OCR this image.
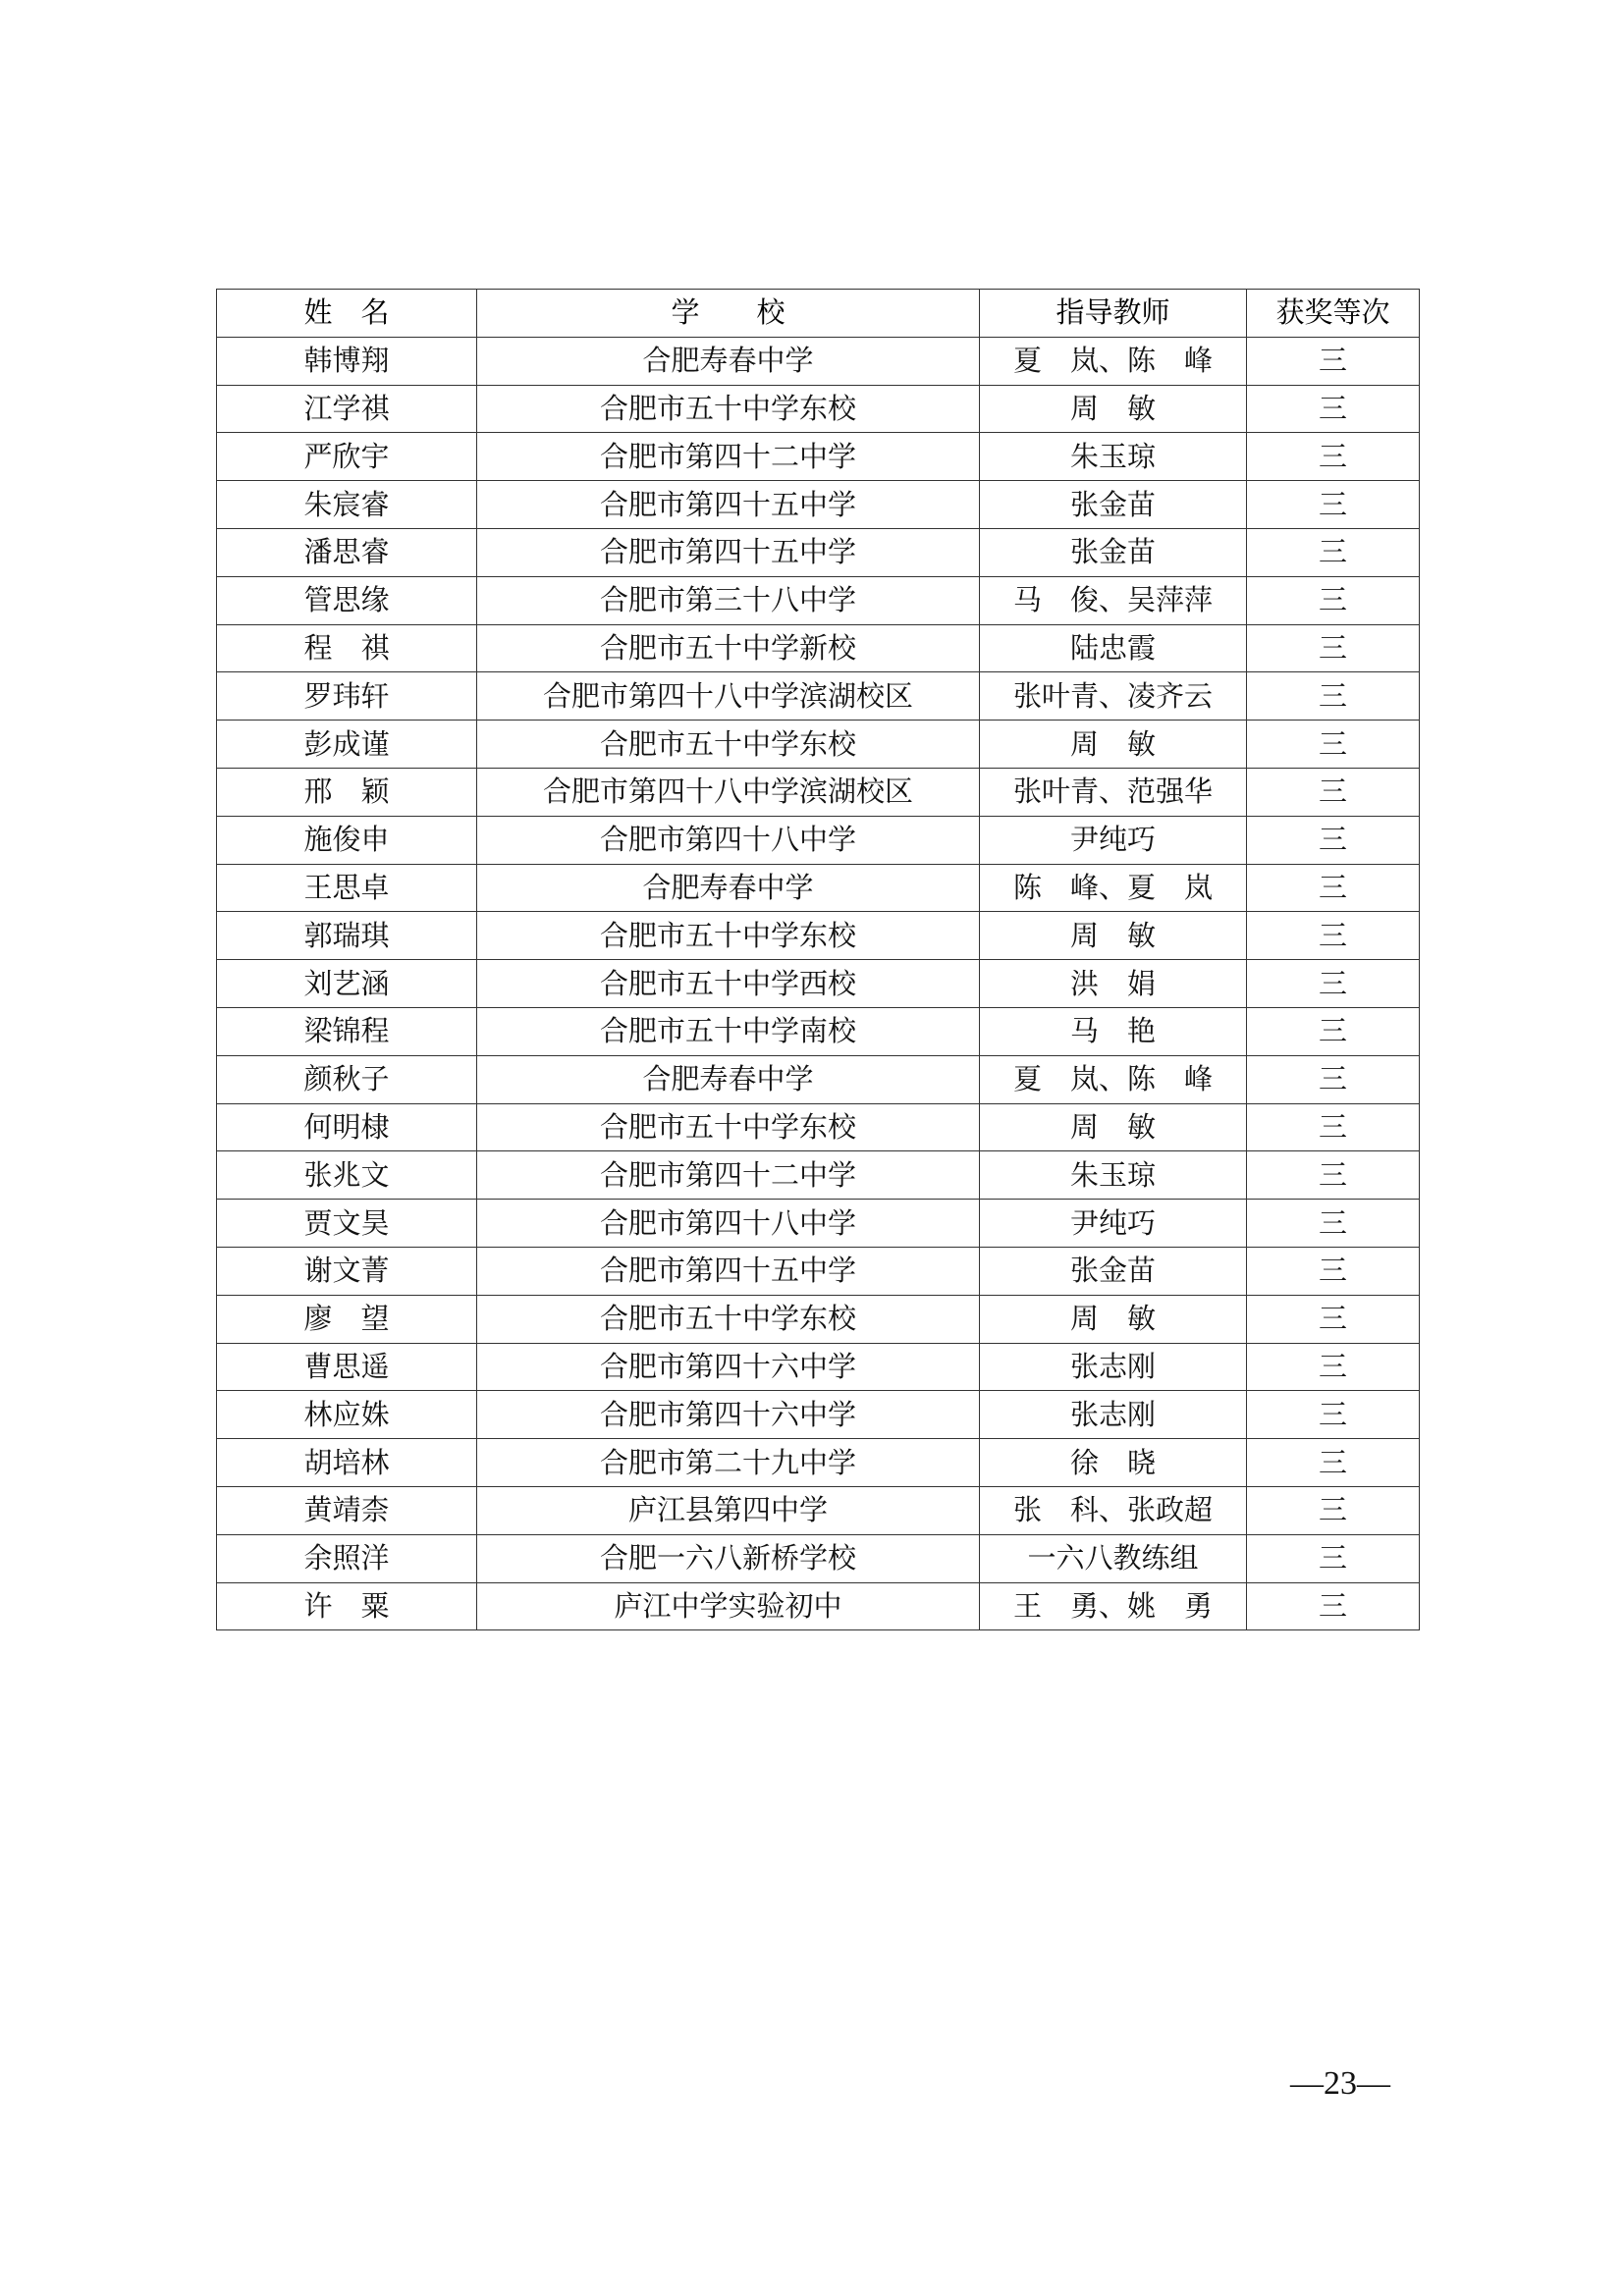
姓　名	学　　校	指导教师	获奖等次
韩博翔	合肥寿春中学	夏　岚、陈　峰	三
江学祺	合肥市五十中学东校	周　敏	三
严欣宇	合肥市第四十二中学	朱玉琼	三
朱宸睿	合肥市第四十五中学	张金苗	三
潘思睿	合肥市第四十五中学	张金苗	三
管思缘	合肥市第三十八中学	马　俊、吴萍萍	三
程　祺	合肥市五十中学新校	陆忠霞	三
罗玮轩	合肥市第四十八中学滨湖校区	张叶青、凌齐云	三
彭成谨	合肥市五十中学东校	周　敏	三
邢　颖	合肥市第四十八中学滨湖校区	张叶青、范强华	三
施俊申	合肥市第四十八中学	尹纯巧	三
王思卓	合肥寿春中学	陈　峰、夏　岚	三
郭瑞琪	合肥市五十中学东校	周　敏	三
刘艺涵	合肥市五十中学西校	洪　娟	三
梁锦程	合肥市五十中学南校	马　艳	三
颜秋子	合肥寿春中学	夏　岚、陈　峰	三
何明棣	合肥市五十中学东校	周　敏	三
张兆文	合肥市第四十二中学	朱玉琼	三
贾文昊	合肥市第四十八中学	尹纯巧	三
谢文菁	合肥市第四十五中学	张金苗	三
廖　望	合肥市五十中学东校	周　敏	三
曹思遥	合肥市第四十六中学	张志刚	三
林应姝	合肥市第四十六中学	张志刚	三
胡培林	合肥市第二十九中学	徐　晓	三
黄靖柰	庐江县第四中学	张　科、张政超	三
余照洋	合肥一六八新桥学校	一六八教练组	三
许　粟	庐江中学实验初中	王　勇、姚　勇	三
—23—
